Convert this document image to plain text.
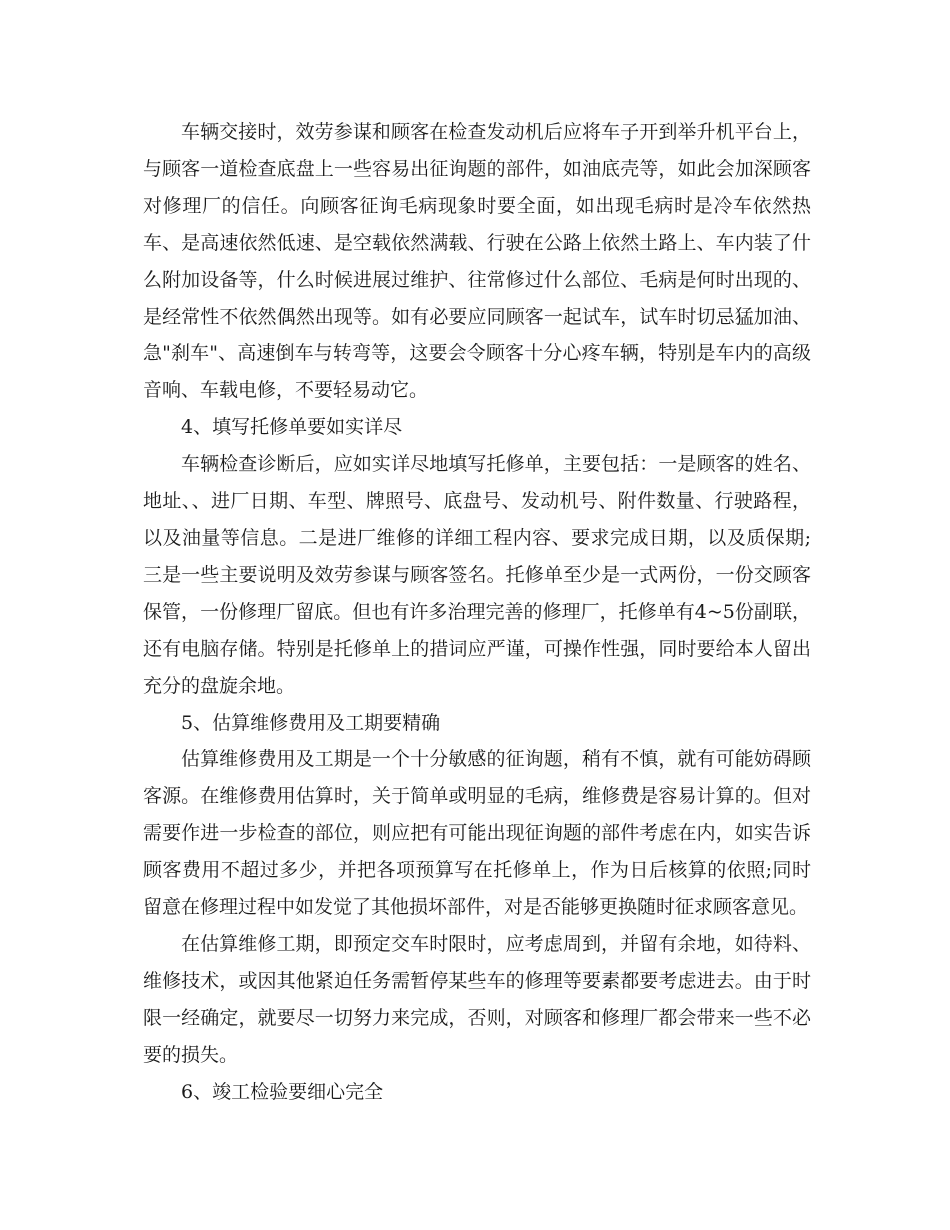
车辆交接时，效劳参谋和顾客在检查发动机后应将车子开到举升机平台上，与顾客一道检查底盘上一些容易出征询题的部件，如油底壳等，如此会加深顾客对修理厂的信任。向顾客征询毛病现象时要全面，如出现毛病时是冷车依然热车、是高速依然低速、是空载依然满载、行驶在公路上依然土路上、车内装了什么附加设备等，什么时候进展过维护、往常修过什么部位、毛病是何时出现的、是经常性不依然偶然出现等。如有必要应同顾客一起试车，试车时切忌猛加油、急"刹车"、高速倒车与转弯等，这要会令顾客十分心疼车辆，特别是车内的高级音响、车载电修，不要轻易动它。

4、填写托修单要如实详尽

车辆检查诊断后，应如实详尽地填写托修单，主要包括：一是顾客的姓名、地址、、进厂日期、车型、牌照号、底盘号、发动机号、附件数量、行驶路程，以及油量等信息。二是进厂维修的详细工程内容、要求完成日期，以及质保期;三是一些主要说明及效劳参谋与顾客签名。托修单至少是一式两份，一份交顾客保管，一份修理厂留底。但也有许多治理完善的修理厂，托修单有4~5份副联，还有电脑存储。特别是托修单上的措词应严谨，可操作性强，同时要给本人留出充分的盘旋余地。

5、估算维修费用及工期要精确

估算维修费用及工期是一个十分敏感的征询题，稍有不慎，就有可能妨碍顾客源。在维修费用估算时，关于简单或明显的毛病，维修费是容易计算的。但对需要作进一步检查的部位，则应把有可能出现征询题的部件考虑在内，如实告诉顾客费用不超过多少，并把各项预算写在托修单上，作为日后核算的依照;同时留意在修理过程中如发觉了其他损坏部件，对是否能够更换随时征求顾客意见。

在估算维修工期，即预定交车时限时，应考虑周到，并留有余地，如待料、维修技术，或因其他紧迫任务需暂停某些车的修理等要素都要考虑进去。由于时限一经确定，就要尽一切努力来完成，否则，对顾客和修理厂都会带来一些不必要的损失。

6、竣工检验要细心完全
